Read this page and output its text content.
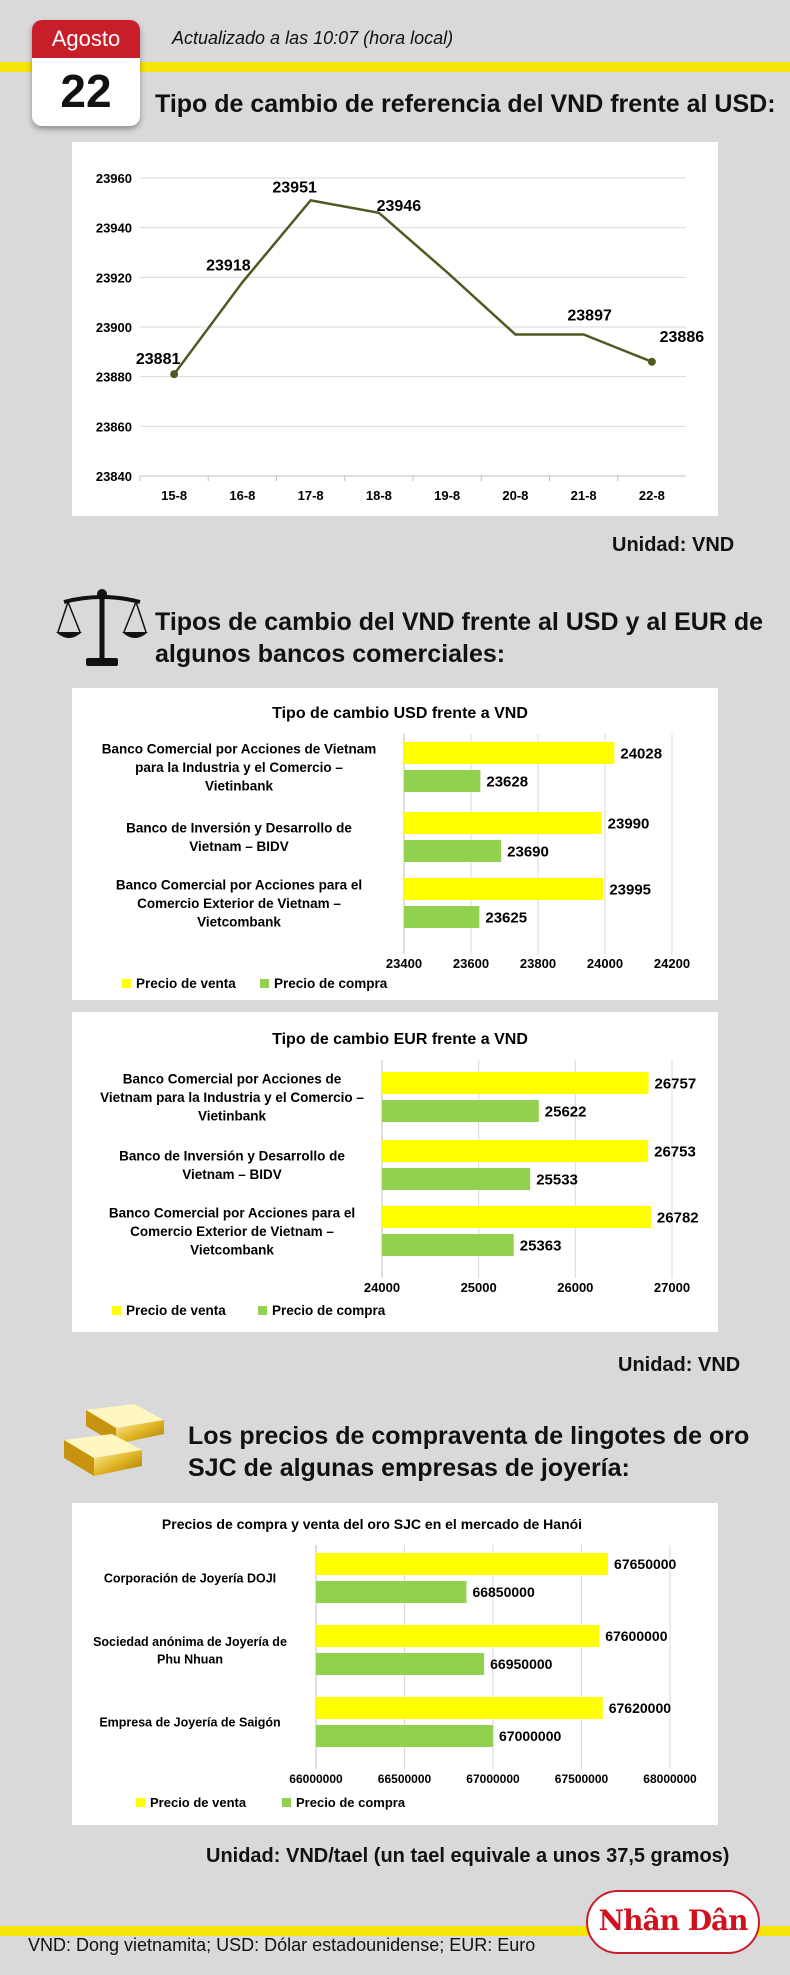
Agosto
22
Actualizado a las 10:07 (hora local)
Tipo de cambio de referencia del VND frente al USD:
23840
23860
23880
23900
23920
23940
23960
15-8	16-8	17-8	18-8	19-8	20-8	21-8	22-8
23881
23918
23951
23946
23897
23886
Unidad: VND
Tipos de cambio del VND frente al USD y al EUR de
algunos bancos comerciales:
Tipo de cambio USD frente a VND
23400 23600 23800 24000 24200
24028
23628
Banco Comercial por Acciones de Vietnam
para la Industria y el Comercio –
Vietinbank
23990
23690
Banco de Inversión y Desarrollo de
Vietnam – BIDV
23995
23625
Banco Comercial por Acciones para el
Comercio Exterior de Vietnam –
Vietcombank
Precio de venta	Precio de compra
Tipo de cambio EUR frente a VND
24000	25000	26000	27000
26757
25622
Banco Comercial por Acciones de
Vietnam para la Industria y el Comercio –
Vietinbank
26753
25533
Banco de Inversión y Desarrollo de
Vietnam – BIDV
26782
25363
Banco Comercial por Acciones para el
Comercio Exterior de Vietnam –
Vietcombank
Precio de venta	Precio de compra
Unidad: VND
Los precios de compraventa de lingotes de oro
SJC de algunas empresas de joyería:
Precios de compra y venta del oro SJC en el mercado de Hanói
66000000	66500000	67000000	67500000	68000000
67650000
66850000
Corporación de Joyería DOJI
67600000
66950000
Sociedad anónima de Joyería de
Phu Nhuan
67620000
67000000
Empresa de Joyería de Saigón
Precio de venta	Precio de compra
Unidad: VND/tael (un tael equivale a unos 37,5 gramos)
Nhân Dân
VND: Dong vietnamita; USD: Dólar estadounidense; EUR: Euro
